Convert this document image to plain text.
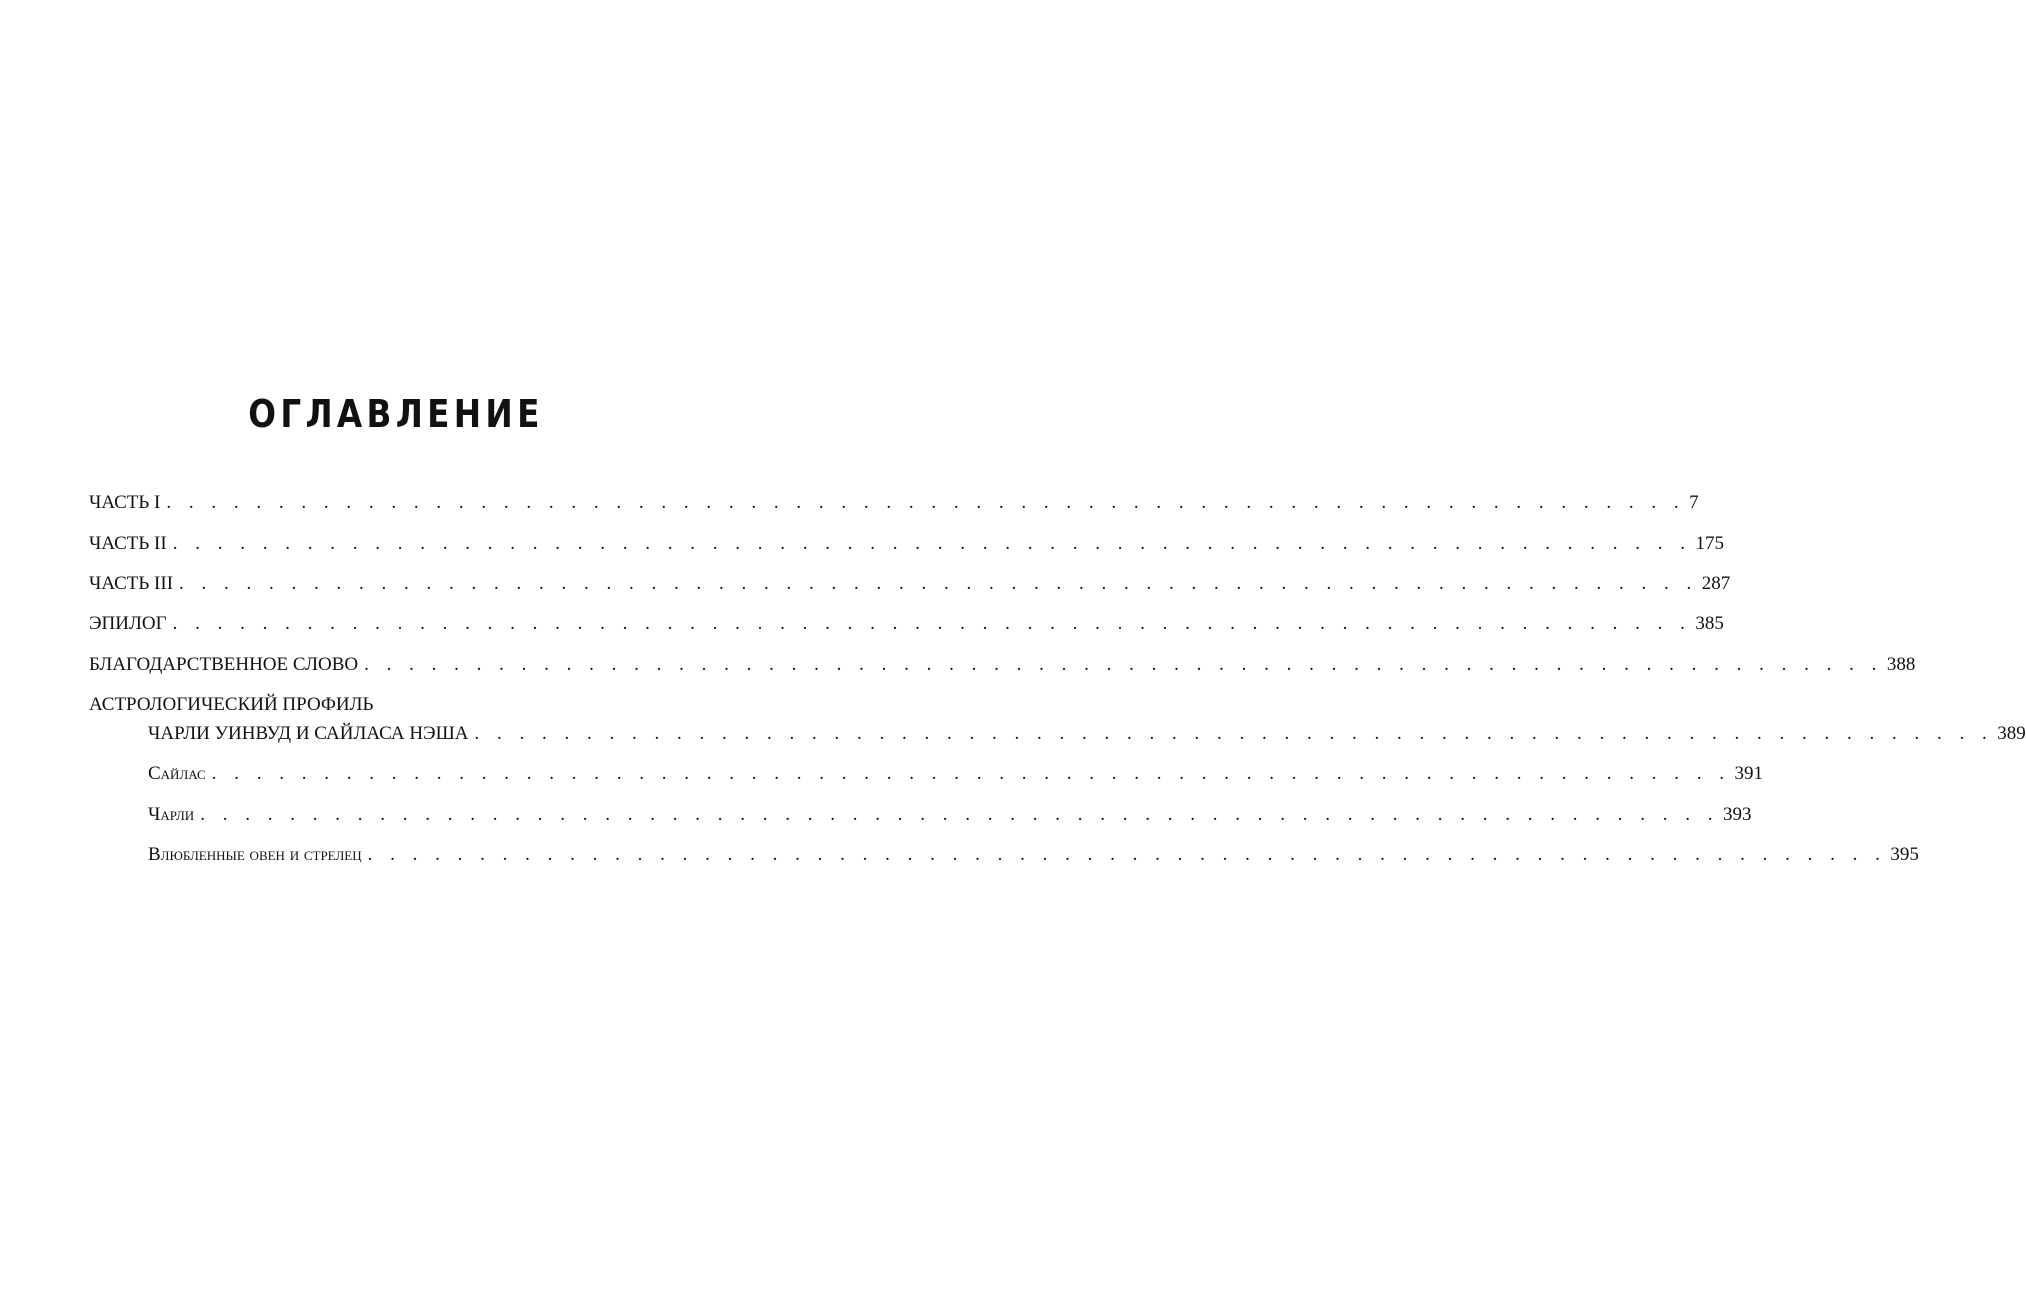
ОГЛАВЛЕНИЕ
ЧАСТЬ I . . . . . . . . . . . . . . . . . . . . . . . . . . . . . . . . . . . . . . . . . . . . . . . . . . . . . . . . . . . . . . . . . . . . 7
ЧАСТЬ II . . . . . . . . . . . . . . . . . . . . . . . . . . . . . . . . . . . . . . . . . . . . . . . . . . . . . . . . . . . . . . . . . . . . 175
ЧАСТЬ III . . . . . . . . . . . . . . . . . . . . . . . . . . . . . . . . . . . . . . . . . . . . . . . . . . . . . . . . . . . . . . . . . . . . 287
ЭПИЛОГ . . . . . . . . . . . . . . . . . . . . . . . . . . . . . . . . . . . . . . . . . . . . . . . . . . . . . . . . . . . . . . . . . . . . 385
БЛАГОДАРСТВЕННОЕ СЛОВО . . . . . . . . . . . . . . . . . . . . . . . . . . . . . . . . . . . . . . . . . . . . . . . . . . . . . . . . . . . . . . . . . . . . 388
АСТРОЛОГИЧЕСКИЙ ПРОФИЛЬ
ЧАРЛИ УИНВУД И САЙЛАСА НЭША . . . . . . . . . . . . . . . . . . . . . . . . . . . . . . . . . . . . . . . . . . . . . . . . . . . . . . . . . . . . . . . . . . . . 389
Сайлас . . . . . . . . . . . . . . . . . . . . . . . . . . . . . . . . . . . . . . . . . . . . . . . . . . . . . . . . . . . . . . . . . . . . 391
Чарли . . . . . . . . . . . . . . . . . . . . . . . . . . . . . . . . . . . . . . . . . . . . . . . . . . . . . . . . . . . . . . . . . . . . 393
Влюбленные овен и стрелец . . . . . . . . . . . . . . . . . . . . . . . . . . . . . . . . . . . . . . . . . . . . . . . . . . . . . . . . . . . . . . . . . . . . 395
